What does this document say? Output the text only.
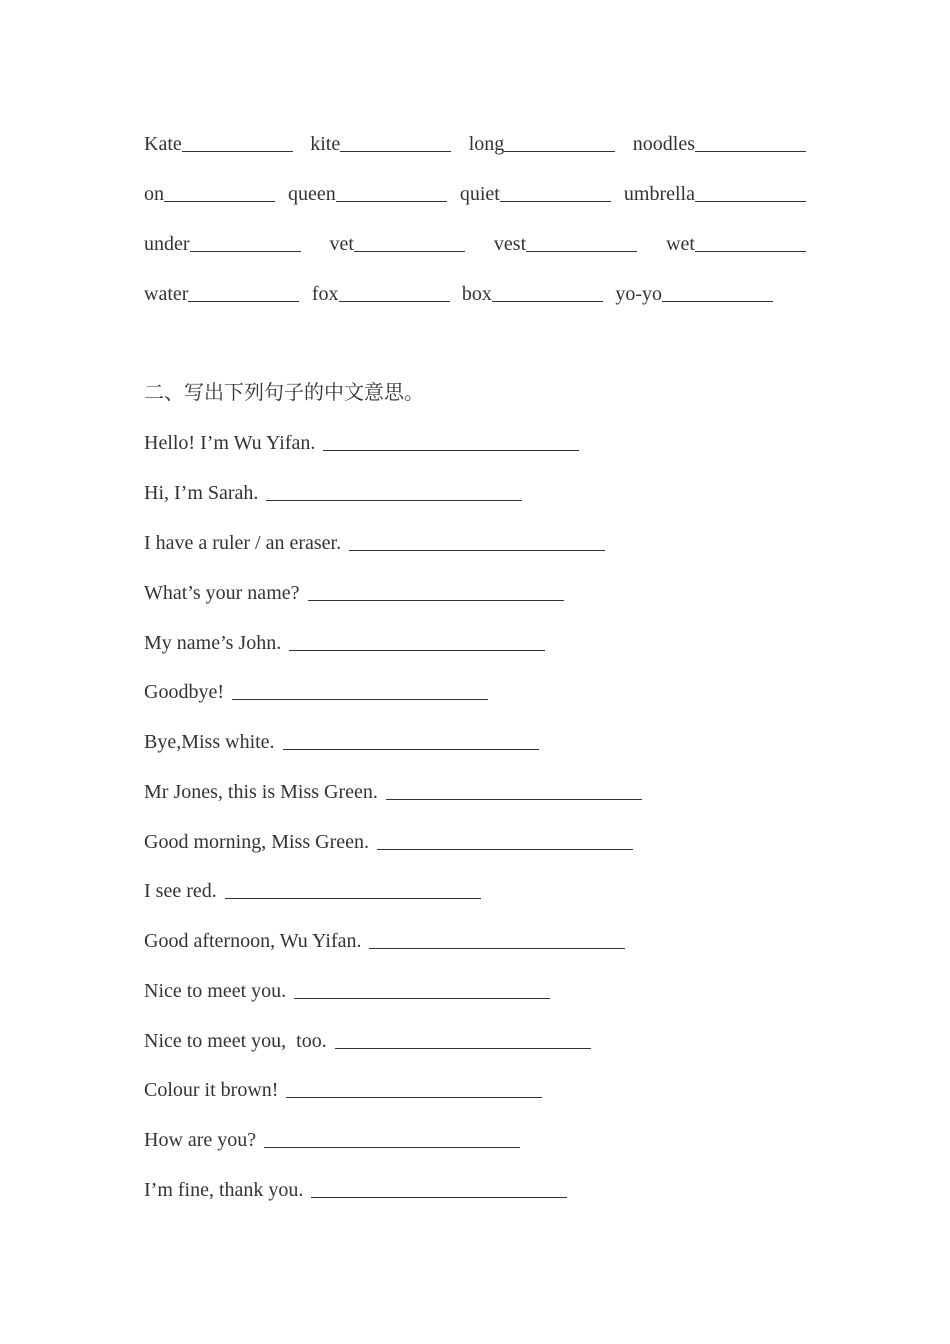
Kate	kite	long	noodles
on	queen	quiet	umbrella
under	vet	vest	wet
water	fox	box	yo-yo
二、写出下列句子的中文意思。
Hello! I’m Wu Yifan.
Hi, I’m Sarah.
I have a ruler / an eraser.
What’s your name?
My name’s John.
Goodbye!
Bye,Miss white.
Mr Jones, this is Miss Green.
Good morning, Miss Green.
I see red.
Good afternoon, Wu Yifan.
Nice to meet you.
Nice to meet you,  too.
Colour it brown!
How are you?
I’m fine, thank you.
